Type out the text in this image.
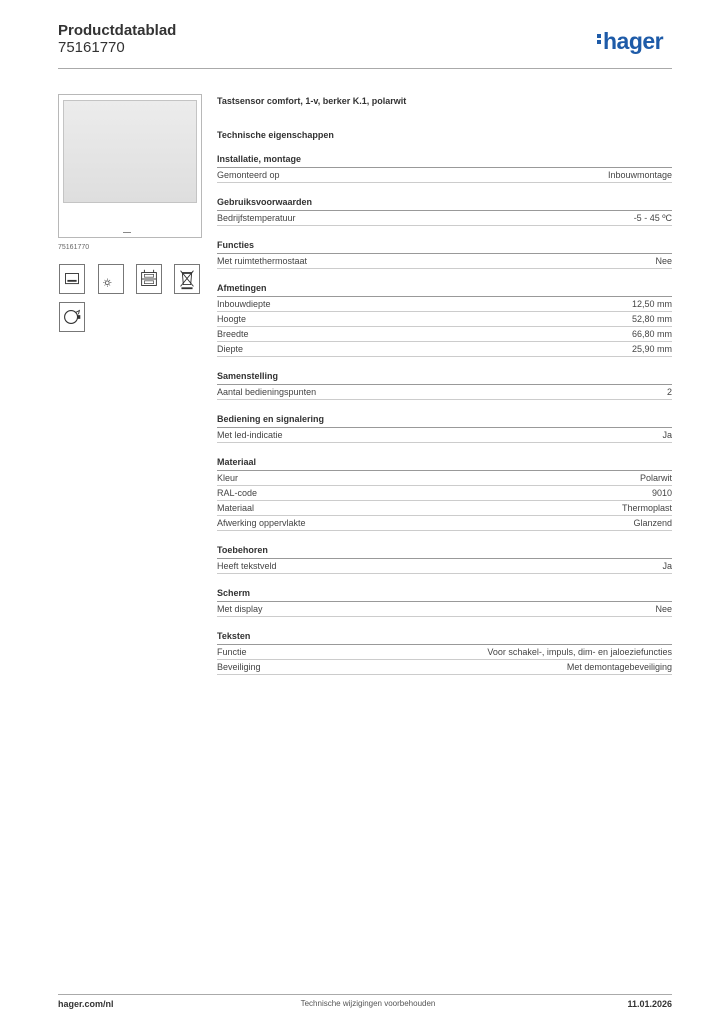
Productdatablad
75161770	hager
75161770
Tastsensor comfort, 1-v, berker K.1, polarwit
Technische eigenschappen
Installatie, montage
Gemonteerd op	Inbouwmontage
Gebruiksvoorwaarden
Bedrijfstemperatuur	-5 - 45 ºC
Functies
Met ruimtethermostaat	Nee
Afmetingen
Inbouwdiepte	12,50 mm
Hoogte	52,80 mm
Breedte	66,80 mm
Diepte	25,90 mm
Samenstelling
Aantal bedieningspunten	2
Bediening en signalering
Met led-indicatie	Ja
Materiaal
Kleur	Polarwit
RAL-code	9010
Materiaal	Thermoplast
Afwerking oppervlakte	Glanzend
Toebehoren
Heeft tekstveld	Ja
Scherm
Met display	Nee
Teksten
Functie	Voor schakel-, impuls, dim- en jaloeziefuncties
Beveiliging	Met demontagebeveiliging
hager.com/nl	Technische wijzigingen voorbehouden	11.01.2026
